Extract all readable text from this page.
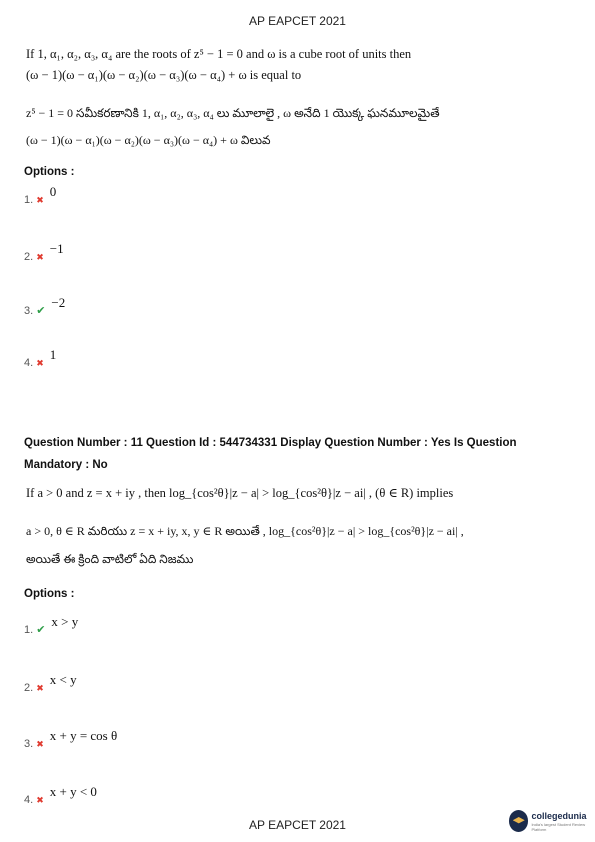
AP EAPCET 2021
If 1, α₁, α₂, α₃, α₄ are the roots of z⁵ − 1 = 0 and ω is a cube root of units then
(ω − 1)(ω − α₁)(ω − α₂)(ω − α₃)(ω − α₄) + ω is equal to
z⁵ − 1 = 0 సమీకరణానికి 1, α₁, α₂, α₃, α₄ లు మూలాలై , ω అనేది 1 యొక్క ఘనమూలమైతే
(ω − 1)(ω − α₁)(ω − α₂)(ω − α₃)(ω − α₄) + ω విలువ
Options :
1. ✖
0
2. ✖
−1
3. ✔
−2
4. ✖
1
Question Number : 11 Question Id : 544734331 Display Question Number : Yes Is Question
Mandatory : No
If a > 0 and z = x + iy , then log_{cos²θ}|z − a| > log_{cos²θ}|z − ai| , (θ ∈ R) implies
a > 0, θ ∈ R మరియు z = x + iy, x, y ∈ R అయితే , log_{cos²θ}|z − a| > log_{cos²θ}|z − ai| ,
అయితే ఈ క్రింది వాటిలో ఏది నిజము
Options :
1. ✔
x > y
2. ✖
x < y
3. ✖
x + y = cos θ
4. ✖
x + y < 0
AP EAPCET 2021
collegedunia
India's largest Student Review Platform
